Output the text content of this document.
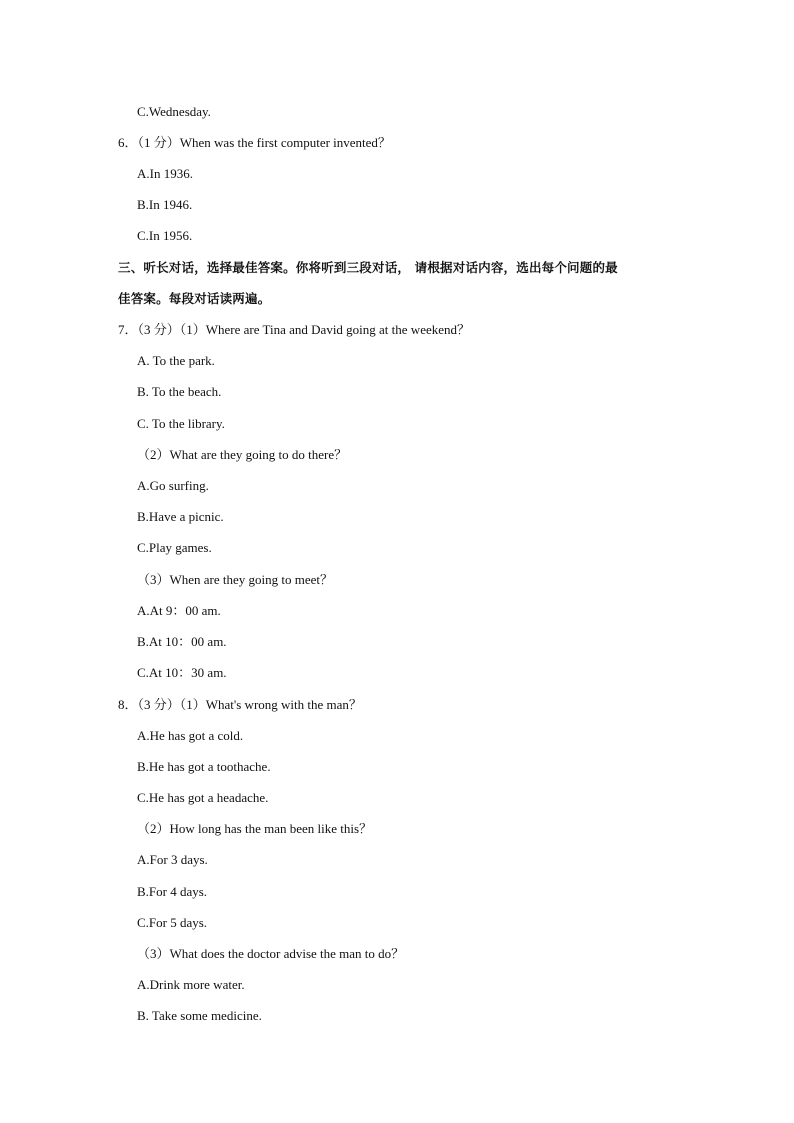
C.Wednesday.
6．（1 分）When was the first computer invented？
A.In 1936.
B.In 1946.
C.In 1956.
三、听长对话，选择最佳答案。你将听到三段对话， 请根据对话内容，选出每个问题的最
佳答案。每段对话读两遍。
7．（3 分）（1）Where are Tina and David going at the weekend？
A. To the park.
B. To the beach.
C. To the library.
（2）What are they going to do there？
A.Go surfing.
B.Have a picnic.
C.Play games.
（3）When are they going to meet？
A.At 9：00 am.
B.At 10：00 am.
C.At 10：30 am.
8．（3 分）（1）What's wrong with the man？
A.He has got a cold.
B.He has got a toothache.
C.He has got a headache.
（2）How long has the man been like this？
A.For 3 days.
B.For 4 days.
C.For 5 days.
（3）What does the doctor advise the man to do？
A.Drink more water.
B. Take some medicine.
